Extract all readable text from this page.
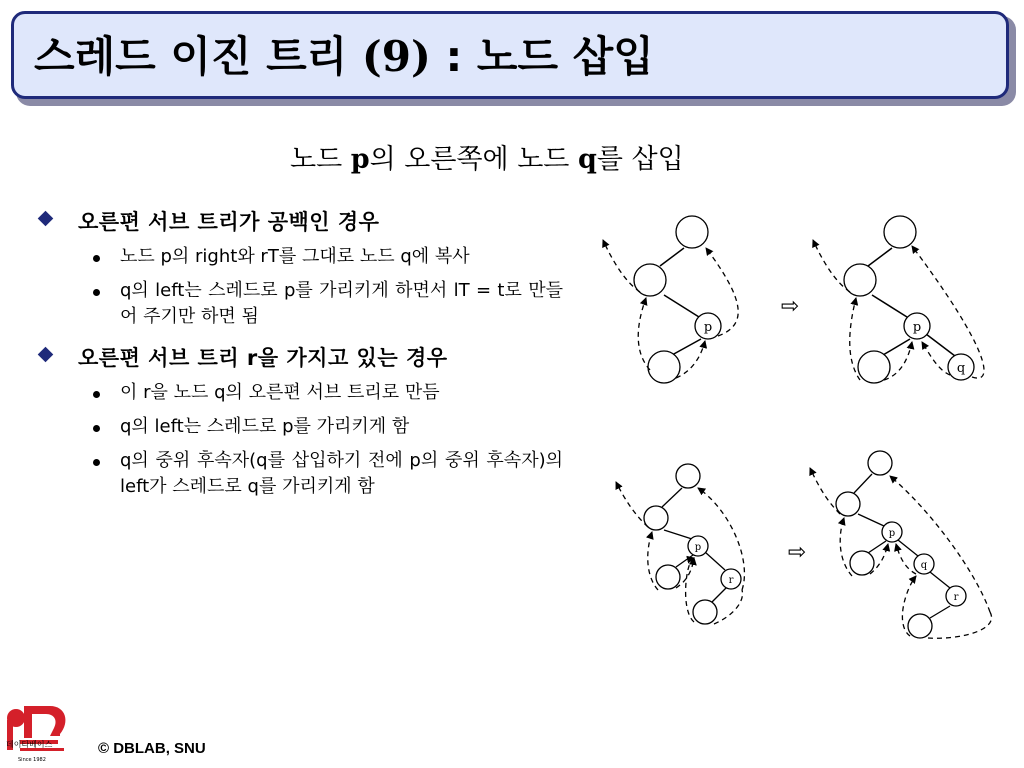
스레드 이진 트리 (9) : 노드 삽입
노드 p의 오른쪽에 노드 q를 삽입
오른편 서브 트리가 공백인 경우
노드 p의 right와 rT를 그대로 노드 q에 복사
q의 left는 스레드로 p를 가리키게 하면서 lT = t로 만들어 주기만 하면 됨
오른편 서브 트리 r을 가지고 있는 경우
이 r을 노드 q의 오른편 서브 트리로 만듬
q의 left는 스레드로 p를 가리키게 함
q의 중위 후속자(q를 삽입하기 전에 p의 중위 후속자)의 left가 스레드로 q를 가리키게 함
p	p
q
p
r
p
q
r
⇨
⇨
데이타베이스
Since 1982
© DBLAB, SNU
